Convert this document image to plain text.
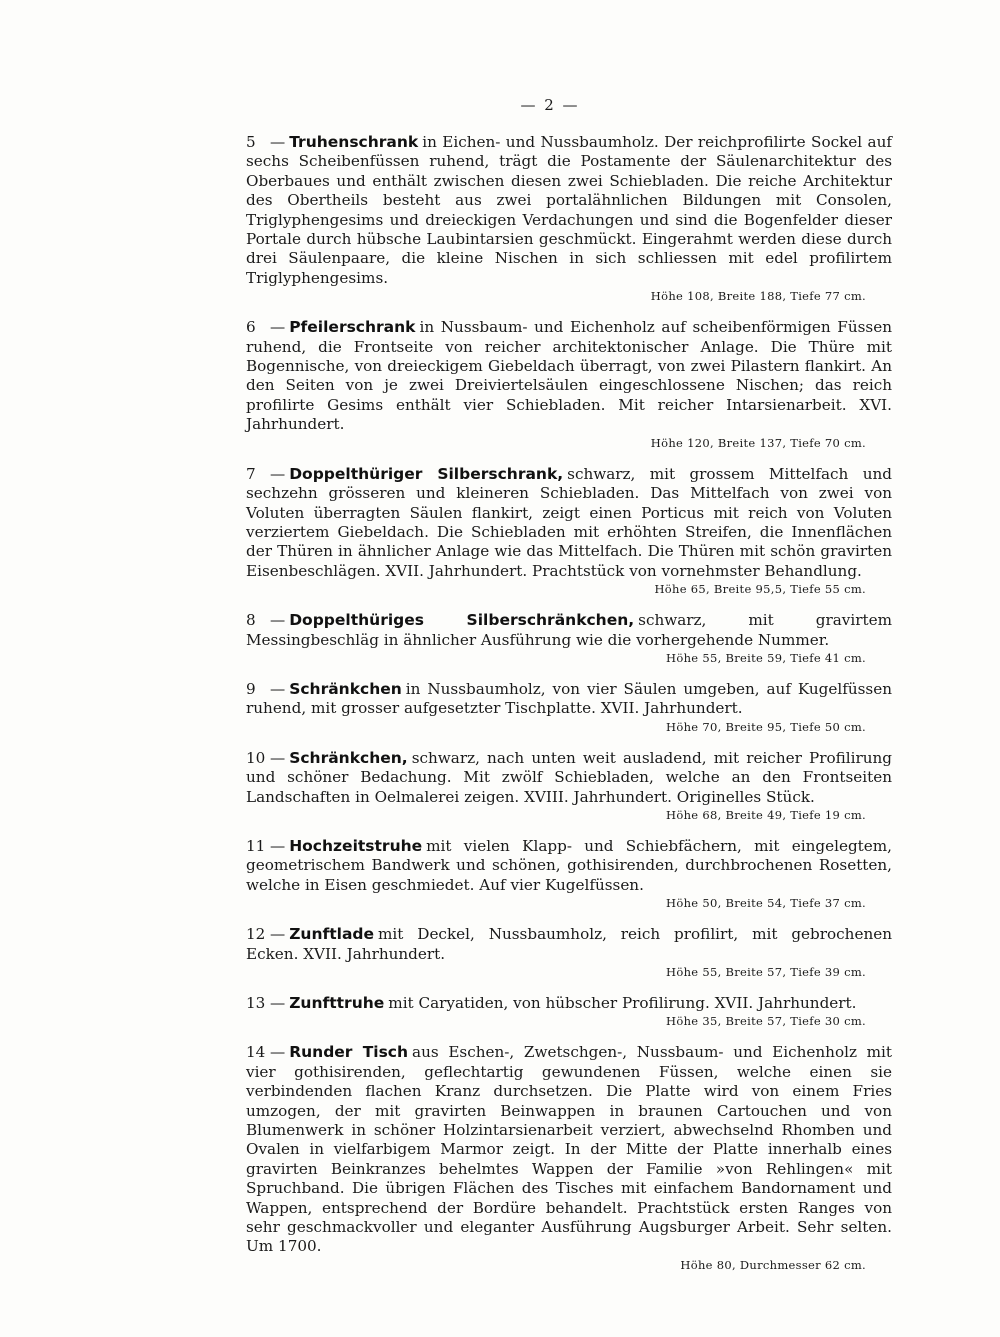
— 2 —

5 — Truhenschrank in Eichen- und Nussbaumholz. Der reichprofilirte Sockel auf sechs Scheibenfüssen ruhend, trägt die Postamente der Säulenarchitektur des Oberbaues und enthält zwischen diesen zwei Schiebladen. Die reiche Architektur des Obertheils besteht aus zwei portalähnlichen Bildungen mit Consolen, Triglyphengesims und dreieckigen Verdachungen und sind die Bogenfelder dieser Portale durch hübsche Laubintarsien geschmückt. Eingerahmt werden diese durch drei Säulenpaare, die kleine Nischen in sich schliessen mit edel profilirtem Triglyphengesims.

Höhe 108, Breite 188, Tiefe 77 cm.

6 — Pfeilerschrank in Nussbaum- und Eichenholz auf scheibenförmigen Füssen ruhend, die Frontseite von reicher architektonischer Anlage. Die Thüre mit Bogennische, von dreieckigem Giebeldach überragt, von zwei Pilastern flankirt. An den Seiten von je zwei Dreiviertelsäulen eingeschlossene Nischen; das reich profilirte Gesims enthält vier Schiebladen. Mit reicher Intarsienarbeit. XVI. Jahrhundert.

Höhe 120, Breite 137, Tiefe 70 cm.

7 — Doppelthüriger Silberschrank, schwarz, mit grossem Mittelfach und sechzehn grösseren und kleineren Schiebladen. Das Mittelfach von zwei von Voluten überragten Säulen flankirt, zeigt einen Porticus mit reich von Voluten verziertem Giebeldach. Die Schiebladen mit erhöhten Streifen, die Innenflächen der Thüren in ähnlicher Anlage wie das Mittelfach. Die Thüren mit schön gravirten Eisenbeschlägen. XVII. Jahrhundert. Prachtstück von vornehmster Behandlung.

Höhe 65, Breite 95,5, Tiefe 55 cm.

8 — Doppelthüriges Silberschränkchen, schwarz, mit gravirtem Messingbeschläg in ähnlicher Ausführung wie die vorhergehende Nummer.

Höhe 55, Breite 59, Tiefe 41 cm.

9 — Schränkchen in Nussbaumholz, von vier Säulen umgeben, auf Kugelfüssen ruhend, mit grosser aufgesetzter Tischplatte. XVII. Jahrhundert.

Höhe 70, Breite 95, Tiefe 50 cm.

10 — Schränkchen, schwarz, nach unten weit ausladend, mit reicher Profilirung und schöner Bedachung. Mit zwölf Schiebladen, welche an den Frontseiten Landschaften in Oelmalerei zeigen. XVIII. Jahrhundert. Originelles Stück.

Höhe 68, Breite 49, Tiefe 19 cm.

11 — Hochzeitstruhe mit vielen Klapp- und Schiebfächern, mit eingelegtem, geometrischem Bandwerk und schönen, gothisirenden, durchbrochenen Rosetten, welche in Eisen geschmiedet. Auf vier Kugelfüssen.

Höhe 50, Breite 54, Tiefe 37 cm.

12 — Zunftlade mit Deckel, Nussbaumholz, reich profilirt, mit gebrochenen Ecken. XVII. Jahrhundert.

Höhe 55, Breite 57, Tiefe 39 cm.

13 — Zunfttruhe mit Caryatiden, von hübscher Profilirung. XVII. Jahrhundert.

Höhe 35, Breite 57, Tiefe 30 cm.

14 — Runder Tisch aus Eschen-, Zwetschgen-, Nussbaum- und Eichenholz mit vier gothisirenden, geflechtartig gewundenen Füssen, welche einen sie verbindenden flachen Kranz durchsetzen. Die Platte wird von einem Fries umzogen, der mit gravirten Beinwappen in braunen Cartouchen und von Blumenwerk in schöner Holzintarsienarbeit verziert, abwechselnd Rhomben und Ovalen in vielfarbigem Marmor zeigt. In der Mitte der Platte innerhalb eines gravirten Beinkranzes behelmtes Wappen der Familie »von Rehlingen« mit Spruchband. Die übrigen Flächen des Tisches mit einfachem Bandornament und Wappen, entsprechend der Bordüre behandelt. Prachtstück ersten Ranges von sehr geschmackvoller und eleganter Ausführung Augsburger Arbeit. Sehr selten. Um 1700.

Höhe 80, Durchmesser 62 cm.
